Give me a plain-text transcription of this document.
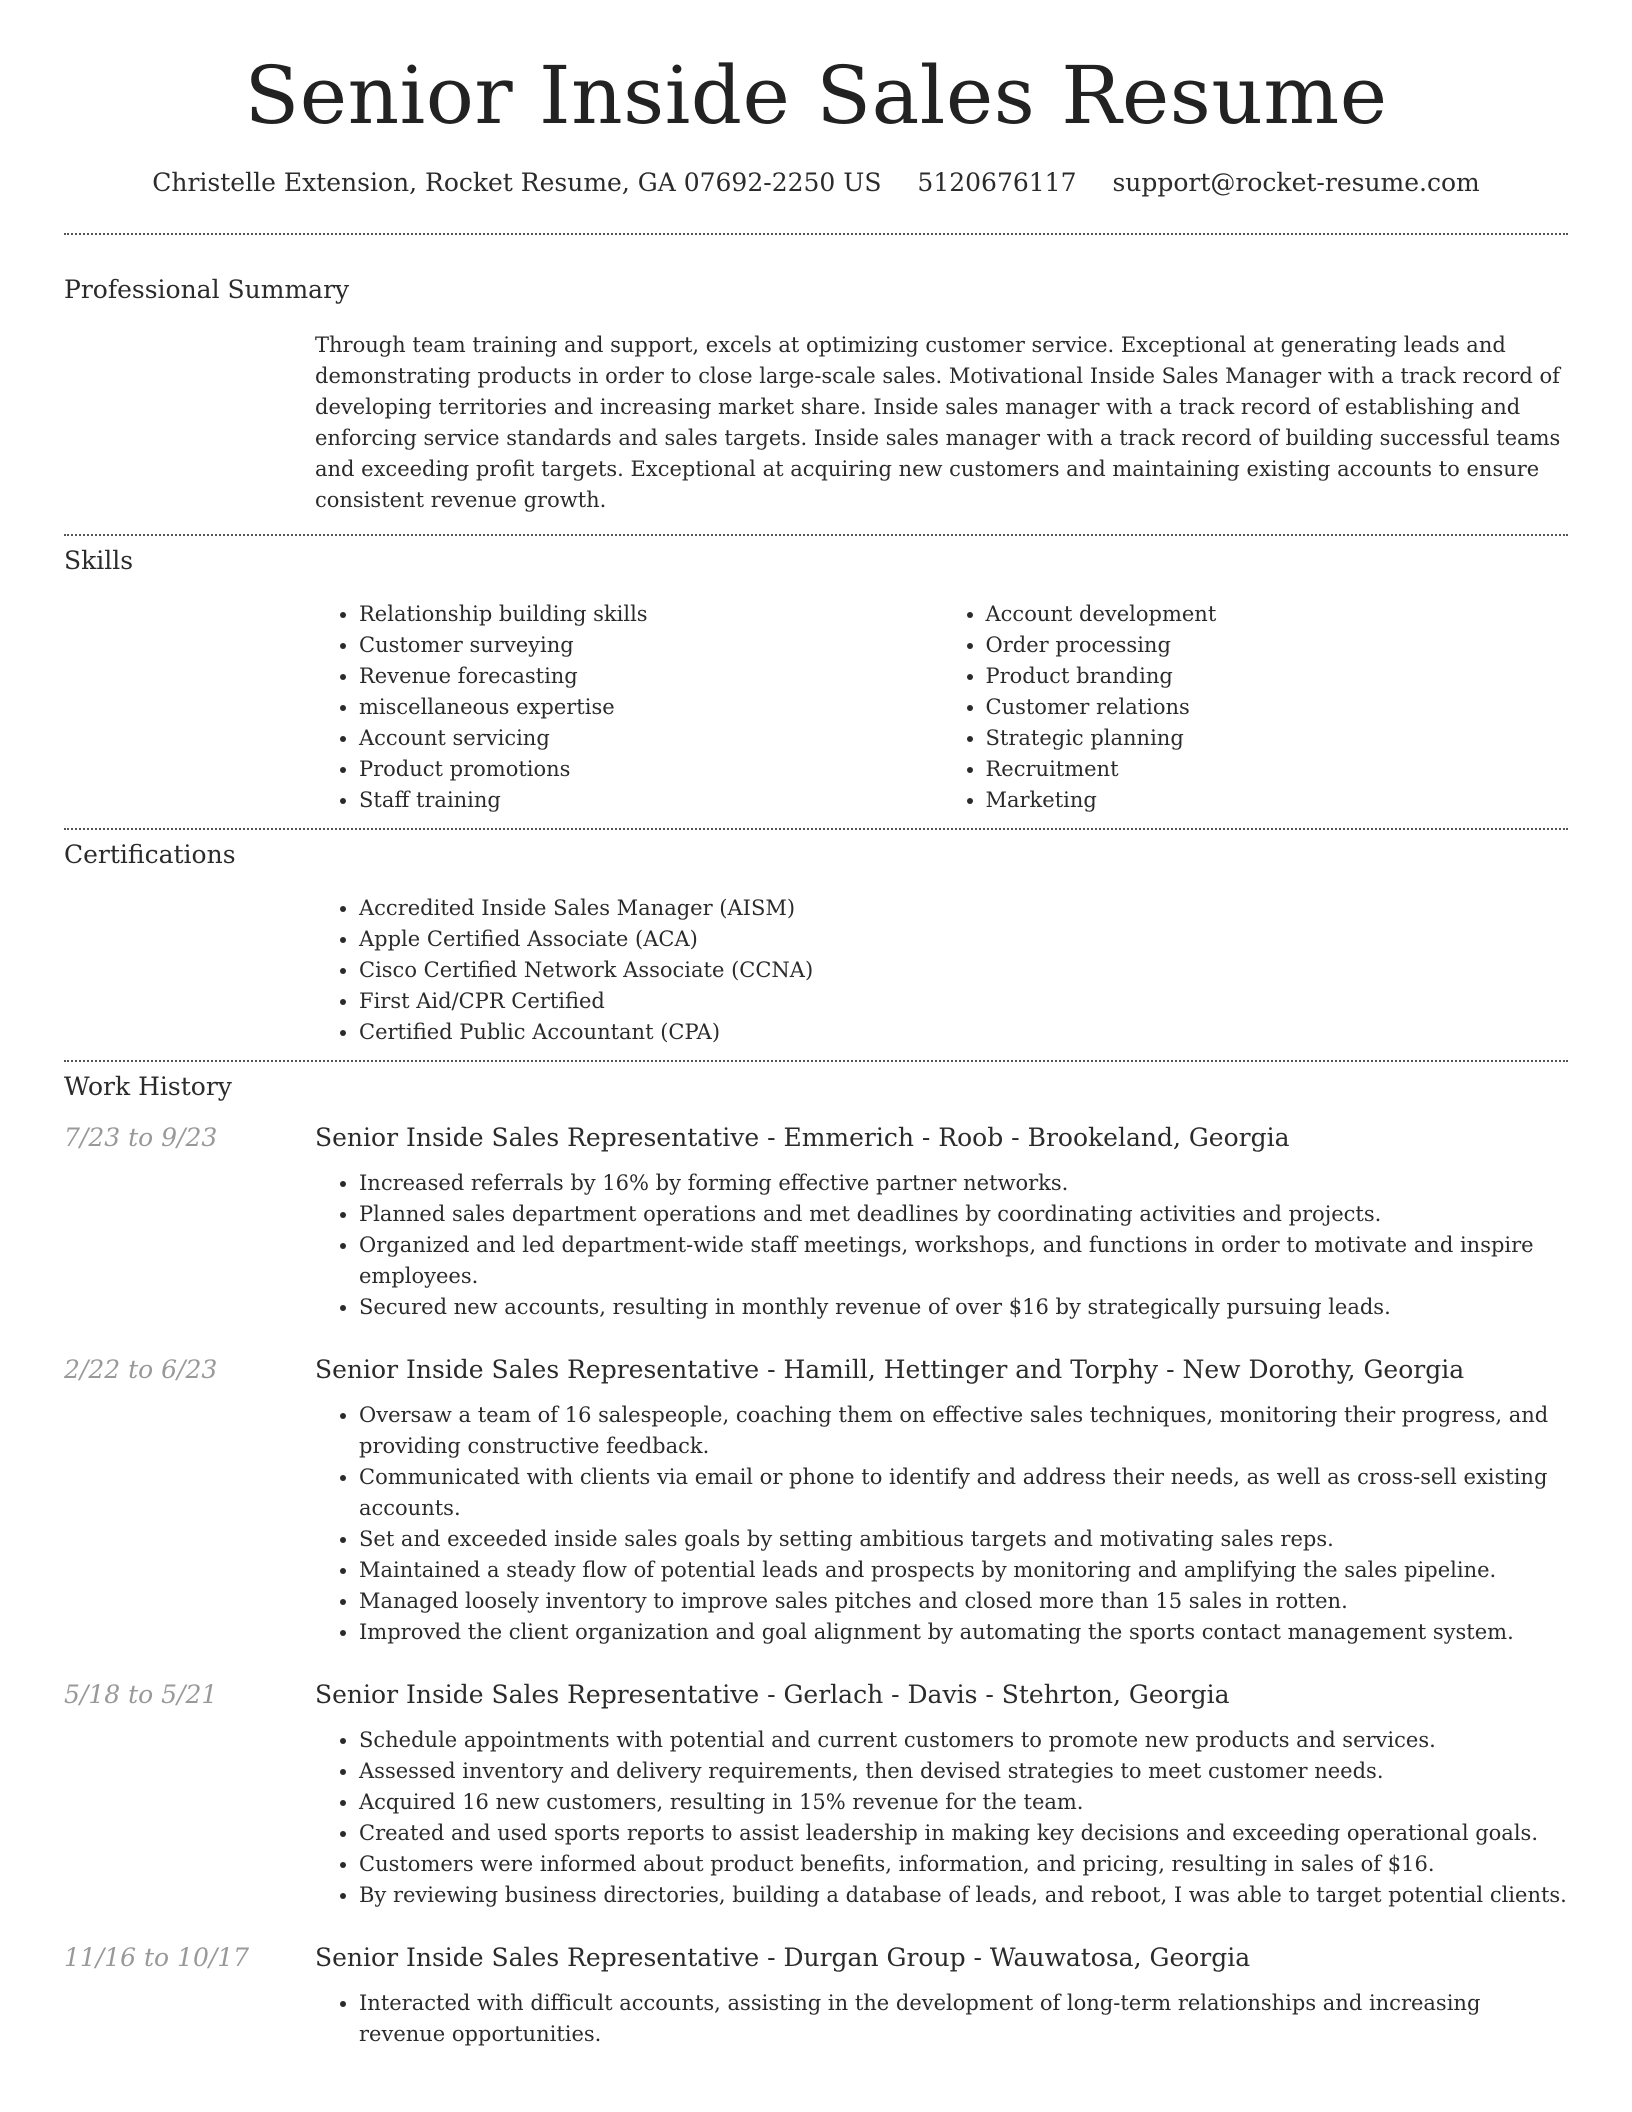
Senior Inside Sales Resume
Christelle Extension, Rocket Resume, GA 07692-2250 US 5120676117 support@rocket-resume.com
Professional Summary
Through team training and support, excels at optimizing customer service. Exceptional at generating leads and demonstrating products in order to close large-scale sales. Motivational Inside Sales Manager with a track record of developing territories and increasing market share. Inside sales manager with a track record of establishing and enforcing service standards and sales targets. Inside sales manager with a track record of building successful teams and exceeding profit targets. Exceptional at acquiring new customers and maintaining existing accounts to ensure consistent revenue growth.
Skills
• Relationship building skills
• Customer surveying
• Revenue forecasting
• miscellaneous expertise
• Account servicing
• Product promotions
• Staff training
• Account development
• Order processing
• Product branding
• Customer relations
• Strategic planning
• Recruitment
• Marketing
Certifications
• Accredited Inside Sales Manager (AISM)
• Apple Certified Associate (ACA)
• Cisco Certified Network Associate (CCNA)
• First Aid/CPR Certified
• Certified Public Accountant (CPA)
Work History
7/23 to 9/23	Senior Inside Sales Representative - Emmerich - Roob - Brookeland, Georgia
• Increased referrals by 16% by forming effective partner networks.
• Planned sales department operations and met deadlines by coordinating activities and projects.
• Organized and led department-wide staff meetings, workshops, and functions in order to motivate and inspire employees.
• Secured new accounts, resulting in monthly revenue of over $16 by strategically pursuing leads.
2/22 to 6/23	Senior Inside Sales Representative - Hamill, Hettinger and Torphy - New Dorothy, Georgia
• Oversaw a team of 16 salespeople, coaching them on effective sales techniques, monitoring their progress, and providing constructive feedback.
• Communicated with clients via email or phone to identify and address their needs, as well as cross-sell existing accounts.
• Set and exceeded inside sales goals by setting ambitious targets and motivating sales reps.
• Maintained a steady flow of potential leads and prospects by monitoring and amplifying the sales pipeline.
• Managed loosely inventory to improve sales pitches and closed more than 15 sales in rotten.
• Improved the client organization and goal alignment by automating the sports contact management system.
5/18 to 5/21	Senior Inside Sales Representative - Gerlach - Davis - Stehrton, Georgia
• Schedule appointments with potential and current customers to promote new products and services.
• Assessed inventory and delivery requirements, then devised strategies to meet customer needs.
• Acquired 16 new customers, resulting in 15% revenue for the team.
• Created and used sports reports to assist leadership in making key decisions and exceeding operational goals.
• Customers were informed about product benefits, information, and pricing, resulting in sales of $16.
• By reviewing business directories, building a database of leads, and reboot, I was able to target potential clients.
11/16 to 10/17	Senior Inside Sales Representative - Durgan Group - Wauwatosa, Georgia
• Interacted with difficult accounts, assisting in the development of long-term relationships and increasing revenue opportunities.
